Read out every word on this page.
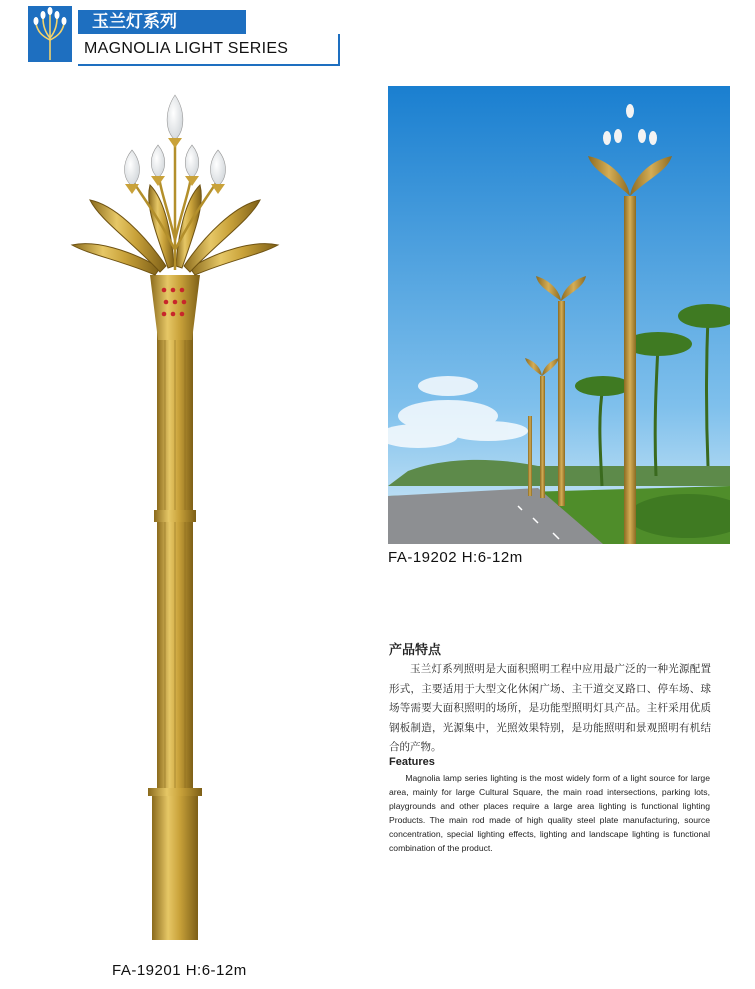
玉兰灯系列
MAGNOLIA LIGHT SERIES
FA-19201 H:6-12m
FA-19202 H:6-12m
产品特点
玉兰灯系列照明是大面积照明工程中应用最广泛的一种光源配置形式，主要适用于大型文化休闲广场、主干道交叉路口、停车场、球场等需要大面积照明的场所，是功能型照明灯具产品。主杆采用优质钢板制造，光源集中，光照效果特别，是功能照明和景观照明有机结合的产物。
Features
Magnolia lamp series lighting is the most widely form of a light source for large area, mainly for large Cultural Square, the main road intersections, parking lots, playgrounds and other places require a large area lighting is functional lighting Products. The main rod made of high quality steel plate manufacturing, source concentration, special lighting effects, lighting and landscape lighting is functional combination of the product.
